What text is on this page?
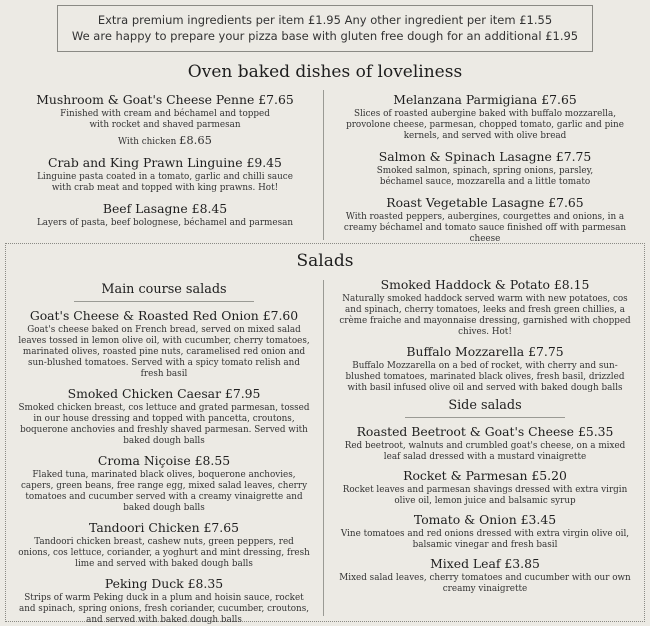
Extra premium ingredients per item £1.95 Any other ingredient per item £1.55
We are happy to prepare your pizza base with gluten free dough for an additional £1.95
Oven baked dishes of loveliness
Mushroom & Goat's Cheese Penne £7.65
Finished with cream and béchamel and topped with rocket and shaved parmesan
With chicken £8.65
Crab and King Prawn Linguine £9.45
Linguine pasta coated in a tomato, garlic and chilli sauce with crab meat and topped with king prawns. Hot!
Beef Lasagne £8.45
Layers of pasta, beef bolognese, béchamel and parmesan
Melanzana Parmigiana £7.65
Slices of roasted aubergine baked with buffalo mozzarella, provolone cheese, parmesan, chopped tomato, garlic and pine kernels, and served with olive bread
Salmon & Spinach Lasagne £7.75
Smoked salmon, spinach, spring onions, parsley, béchamel sauce, mozzarella and a little tomato
Roast Vegetable Lasagne £7.65
With roasted peppers, aubergines, courgettes and onions, in a creamy béchamel and tomato sauce finished off with parmesan cheese
Salads
Main course salads
Goat's Cheese & Roasted Red Onion £7.60
Goat's cheese baked on French bread, served on mixed salad leaves tossed in lemon olive oil, with cucumber, cherry tomatoes, marinated olives, roasted pine nuts, caramelised red onion and sun-blushed tomatoes. Served with a spicy tomato relish and fresh basil
Smoked Chicken Caesar £7.95
Smoked chicken breast, cos lettuce and grated parmesan, tossed in our house dressing and topped with pancetta, croutons, boquerone anchovies and freshly shaved parmesan. Served with baked dough balls
Croma Niçoise £8.55
Flaked tuna, marinated black olives, boquerone anchovies, capers, green beans, free range egg, mixed salad leaves, cherry tomatoes and cucumber served with a creamy vinaigrette and baked dough balls
Tandoori Chicken £7.65
Tandoori chicken breast, cashew nuts, green peppers, red onions, cos lettuce, coriander, a yoghurt and mint dressing, fresh lime and served with baked dough balls
Peking Duck £8.35
Strips of warm Peking duck in a plum and hoisin sauce, rocket and spinach, spring onions, fresh coriander, cucumber, croutons, and served with baked dough balls
Smoked Haddock & Potato £8.15
Naturally smoked haddock served warm with new potatoes, cos and spinach, cherry tomatoes, leeks and fresh green chillies, a crème fraiche and mayonnaise dressing, garnished with chopped chives. Hot!
Buffalo Mozzarella £7.75
Buffalo Mozzarella on a bed of rocket, with cherry and sun-blushed tomatoes, marinated black olives, fresh basil, drizzled with basil infused olive oil and served with baked dough balls
Side salads
Roasted Beetroot & Goat's Cheese £5.35
Red beetroot, walnuts and crumbled goat's cheese, on a mixed leaf salad dressed with a mustard vinaigrette
Rocket & Parmesan £5.20
Rocket leaves and parmesan shavings dressed with extra virgin olive oil, lemon juice and balsamic syrup
Tomato & Onion £3.45
Vine tomatoes and red onions dressed with extra virgin olive oil, balsamic vinegar and fresh basil
Mixed Leaf £3.85
Mixed salad leaves, cherry tomatoes and cucumber with our own creamy vinaigrette
